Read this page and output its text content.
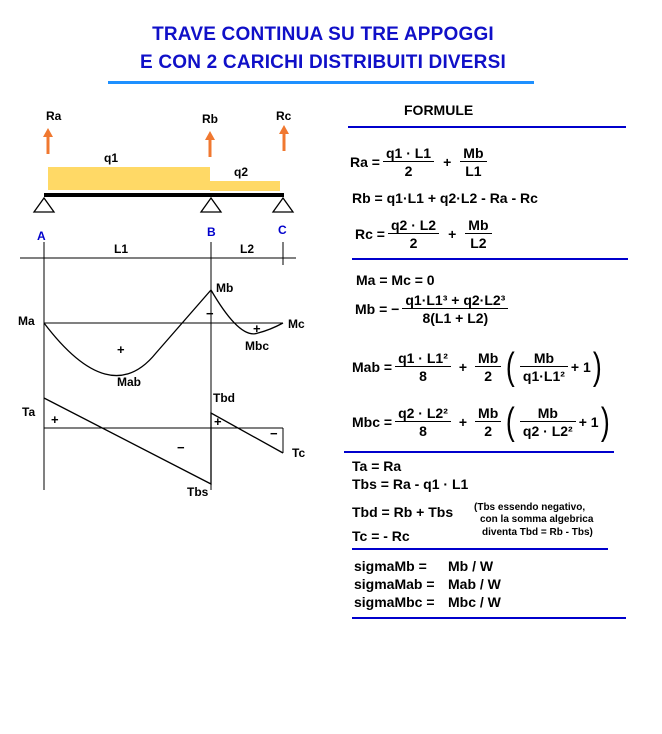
TRAVE CONTINUA SU TRE APPOGGI
E CON 2 CARICHI DISTRIBUITI DIVERSI
Ra	Rb	Rc
q1
q2
A	B	C
L1	L2
Ma
Mb
Mc
Mab
Mbc
+
+
−
Ta
Tbd
Tbs
Tc
+	+
−
−
FORMULE
$Ra = \frac{q1 \cdot L1}{2} + \frac{Mb}{L1}$
Rb = q1·L1 + q2·L2 - Ra - Rc
$Rc = \frac{q2 \cdot L2}{2} + \frac{Mb}{L2}$
Ma = Mc = 0
Mb = − $\frac{\text{q1·L1³ + q2·L2³}}{8(L1 + L2)}$
Mab = $\frac{\text{q1 · L1²}}{8} + \frac{Mb}{2}$ ( $\frac{Mb}{\text{q1·L1²}} + 1$ )
Mbc = $\frac{\text{q2 · L2²}}{8} + \frac{Mb}{2}$ ( $\frac{Mb}{\text{q2 · L2²}} + 1$ )
Ta = Ra
Tbs = Ra - q1 · L1
Tbd = Rb + Tbs
Tc = - Rc
(Tbs essendo negativo,
con la somma algebrica
diventa Tbd = Rb - Tbs)
sigmaMb = Mb / W
sigmaMab = Mab / W
sigmaMbc = Mbc / W
